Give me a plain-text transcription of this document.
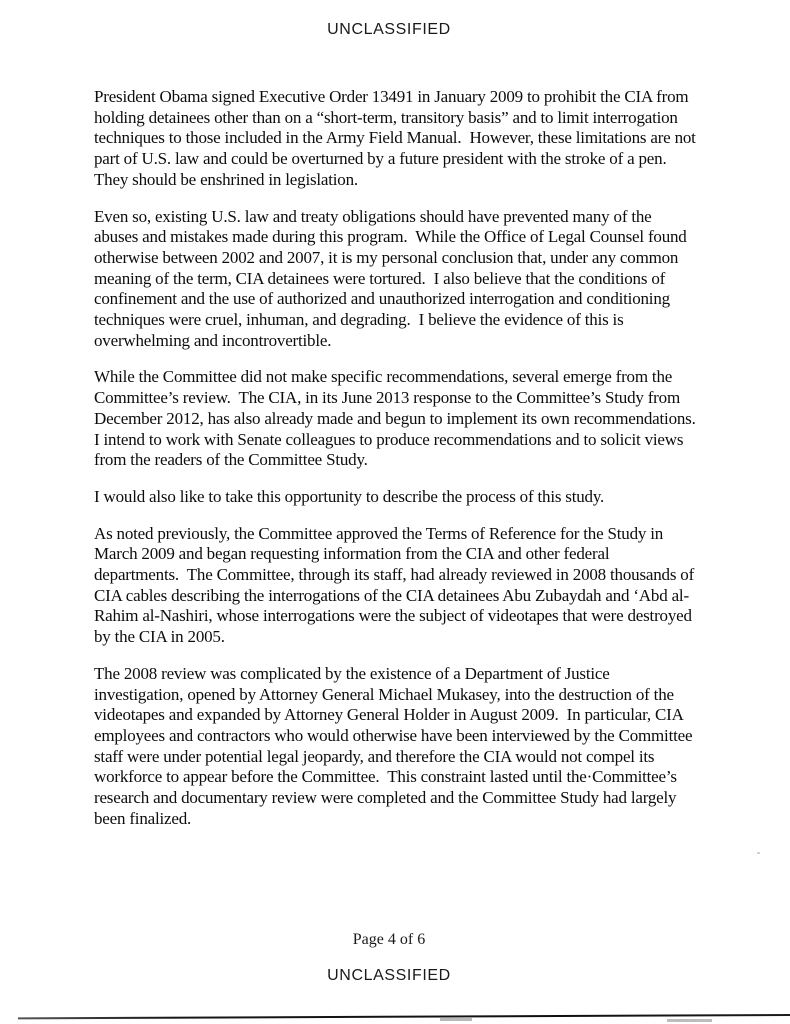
UNCLASSIFIED

President Obama signed Executive Order 13491 in January 2009 to prohibit the CIA from holding detainees other than on a “short-term, transitory basis” and to limit interrogation techniques to those included in the Army Field Manual.  However, these limitations are not part of U.S. law and could be overturned by a future president with the stroke of a pen.  They should be enshrined in legislation.

Even so, existing U.S. law and treaty obligations should have prevented many of the abuses and mistakes made during this program.  While the Office of Legal Counsel found otherwise between 2002 and 2007, it is my personal conclusion that, under any common meaning of the term, CIA detainees were tortured.  I also believe that the conditions of confinement and the use of authorized and unauthorized interrogation and conditioning techniques were cruel, inhuman, and degrading.  I believe the evidence of this is overwhelming and incontrovertible.

While the Committee did not make specific recommendations, several emerge from the Committee’s review.  The CIA, in its June 2013 response to the Committee’s Study from December 2012, has also already made and begun to implement its own recommendations.  I intend to work with Senate colleagues to produce recommendations and to solicit views from the readers of the Committee Study.

I would also like to take this opportunity to describe the process of this study.

As noted previously, the Committee approved the Terms of Reference for the Study in March 2009 and began requesting information from the CIA and other federal departments.  The Committee, through its staff, had already reviewed in 2008 thousands of CIA cables describing the interrogations of the CIA detainees Abu Zubaydah and ‘Abd al-Rahim al-Nashiri, whose interrogations were the subject of videotapes that were destroyed by the CIA in 2005.

The 2008 review was complicated by the existence of a Department of Justice investigation, opened by Attorney General Michael Mukasey, into the destruction of the videotapes and expanded by Attorney General Holder in August 2009.  In particular, CIA employees and contractors who would otherwise have been interviewed by the Committee staff were under potential legal jeopardy, and therefore the CIA would not compel its workforce to appear before the Committee.  This constraint lasted until the·Committee’s research and documentary review were completed and the Committee Study had largely been finalized.

Page 4 of 6
UNCLASSIFIED
